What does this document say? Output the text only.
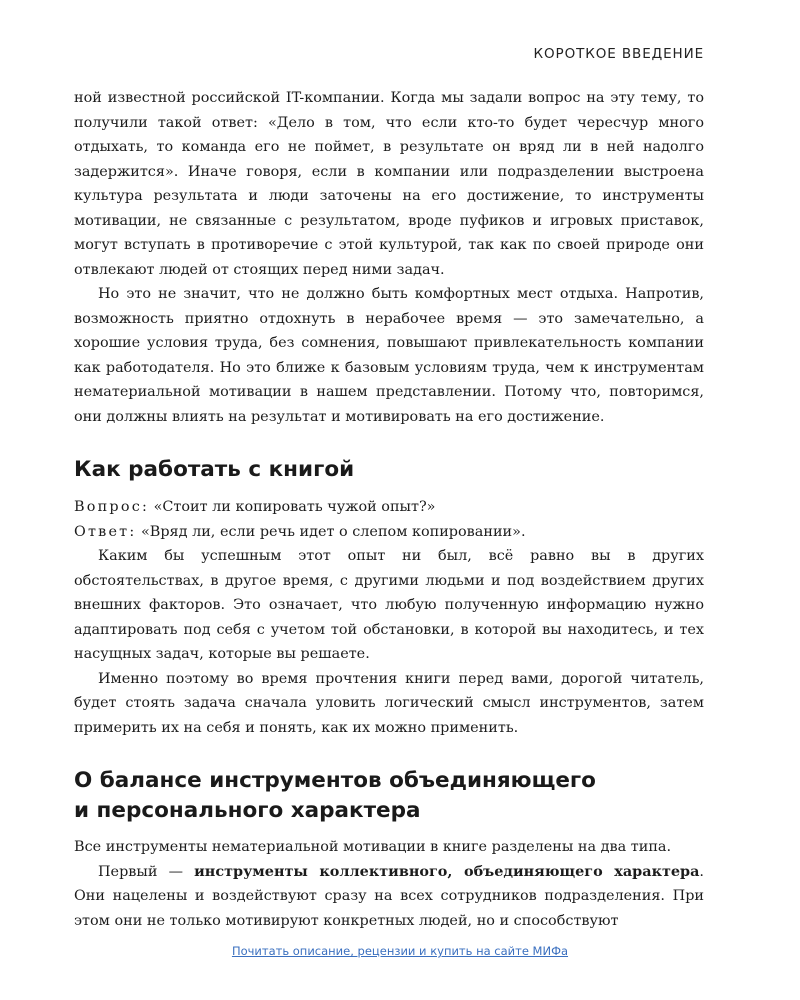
КОРОТКОЕ ВВЕДЕНИЕ

ной известной российской IT-компании. Когда мы задали вопрос на эту тему, то получили такой ответ: «Дело в том, что если кто-то будет чересчур много отдыхать, то команда его не поймет, в результате он вряд ли в ней надолго задержится». Иначе говоря, если в компании или подразделении выстроена культура результата и люди заточены на его достижение, то инструменты мотивации, не связанные с результатом, вроде пуфиков и игровых приставок, могут вступать в противоречие с этой культурой, так как по своей природе они отвлекают людей от стоящих перед ними задач.

Но это не значит, что не должно быть комфортных мест отдыха. Напротив, возможность приятно отдохнуть в нерабочее время — это замечательно, а хорошие условия труда, без сомнения, повышают привлекательность компании как работодателя. Но это ближе к базовым условиям труда, чем к инструментам нематериальной мотивации в нашем представлении. Потому что, повторимся, они должны влиять на результат и мотивировать на его достижение.

Как работать с книгой

Вопрос: «Стоит ли копировать чужой опыт?»

Ответ: «Вряд ли, если речь идет о слепом копировании».

Каким бы успешным этот опыт ни был, всё равно вы в других обстоятельствах, в другое время, с другими людьми и под воздействием других внешних факторов. Это означает, что любую полученную информацию нужно адаптировать под себя с учетом той обстановки, в которой вы находитесь, и тех насущных задач, которые вы решаете.

Именно поэтому во время прочтения книги перед вами, дорогой читатель, будет стоять задача сначала уловить логический смысл инструментов, затем примерить их на себя и понять, как их можно применить.

О балансе инструментов объединяющего
и персонального характера

Все инструменты нематериальной мотивации в книге разделены на два типа.

Первый — инструменты коллективного, объединяющего характера. Они нацелены и воздействуют сразу на всех сотрудников подразделения. При этом они не только мотивируют конкретных людей, но и способствуют

Почитать описание, рецензии и купить на сайте МИФа
